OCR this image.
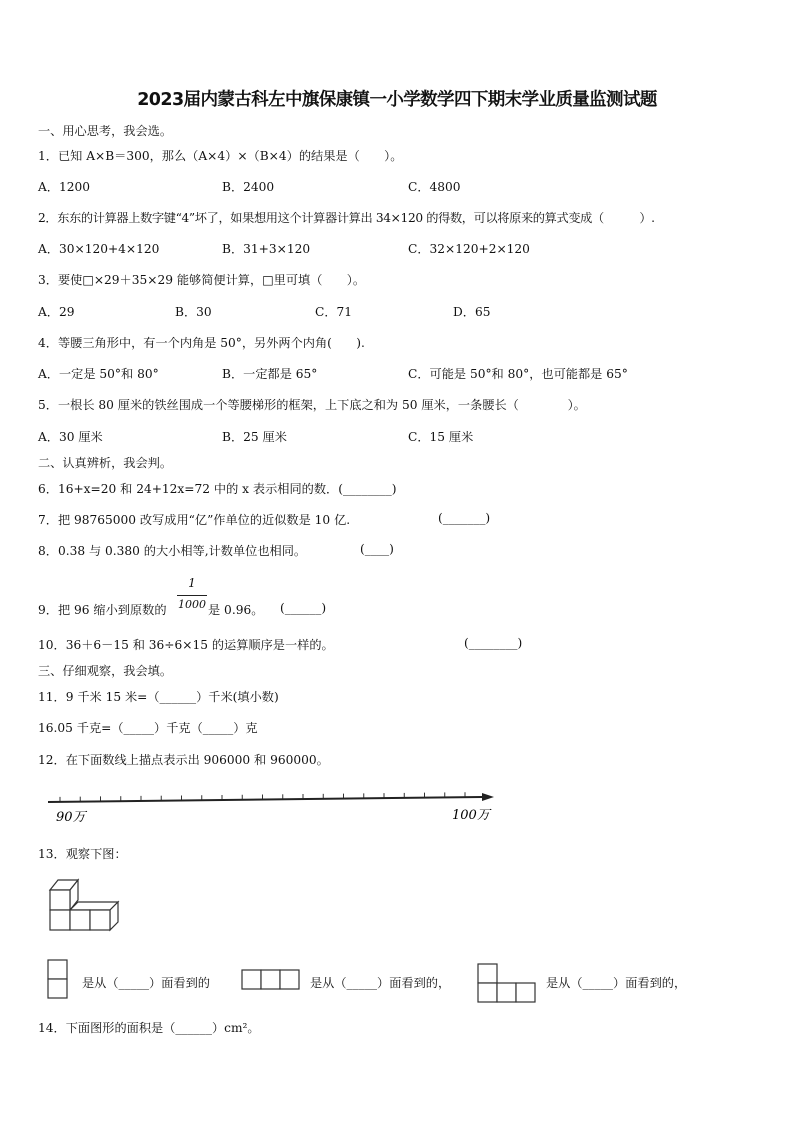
2023届内蒙古科左中旗保康镇一小学数学四下期末学业质量监测试题
一、用心思考，我会选。
1．已知 A×B＝300，那么（A×4）×（B×4）的结果是（　　）。
A．1200	B．2400	C．4800
2．东东的计算器上数字键“4”坏了，如果想用这个计算器计算出 34×120 的得数，可以将原来的算式变成（　　　）.
A．30×120+4×120	B．31+3×120	C．32×120+2×120
3．要使□×29＋35×29 能够简便计算，□里可填（　　）。
A．29	B．30	C．71	D．65
4．等腰三角形中，有一个内角是 50°，另外两个内角(　　).
A．一定是 50°和 80°	B．一定都是 65°	C．可能是 50°和 80°，也可能都是 65°
5．一根长 80 厘米的铁丝围成一个等腰梯形的框架，上下底之和为 50 厘米，一条腰长（　　　　）。
A．30 厘米	B．25 厘米	C．15 厘米
二、认真辨析，我会判。
6．16+x=20 和 24+12x=72 中的 x 表示相同的数．(________)
7．把 98765000 改写成用“亿”作单位的近似数是 10 亿.	(_______)
8．0.38 与 0.380 的大小相等,计数单位也相同。	(____)
9．把 96 缩小到原数的
1
1000 是 0.96。 (______)
10．36＋6－15 和 36÷6×15 的运算顺序是一样的。	(________)
三、仔细观察，我会填。
11．9 千米 15 米=（______）千米(填小数)
16.05 千克=（_____）千克（_____）克
12．在下面数线上描点表示出 906000 和 960000。
90万	100万
13．观察下图：
是从（_____）面看到的	是从（_____）面看到的，	是从（_____）面看到的，
14．下面图形的面积是（______）cm²。
